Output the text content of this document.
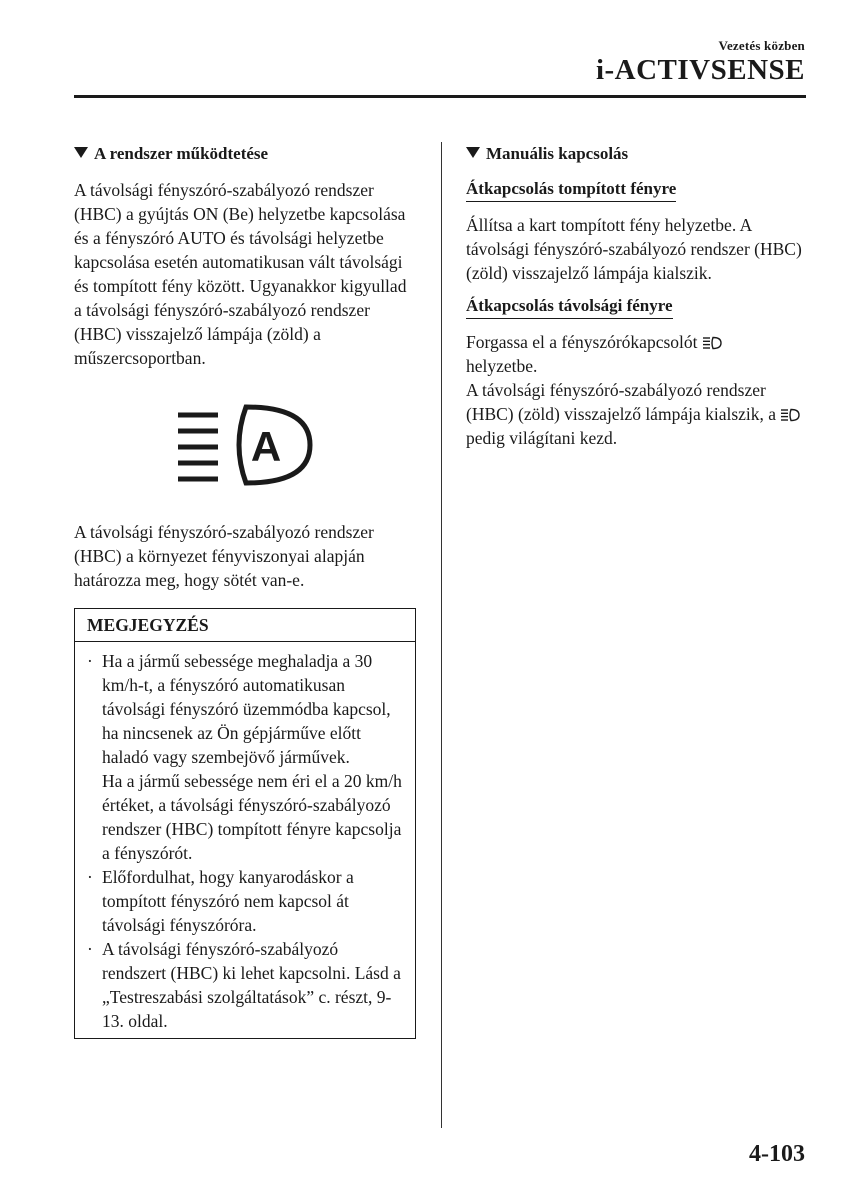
Vezetés közben
i-ACTIVSENSE
A rendszer működtetése

A távolsági fényszóró-szabályozó rendszer (HBC) a gyújtás ON (Be) helyzetbe kapcsolása és a fényszóró AUTO és távolsági helyzetbe kapcsolása esetén automatikusan vált távolsági és tompított fény között. Ugyanakkor kigyullad a távolsági fényszóró-szabályozó rendszer (HBC) visszajelző lámpája (zöld) a műszercsoportban.

A

A távolsági fényszóró-szabályozó rendszer (HBC) a környezet fényviszonyai alapján határozza meg, hogy sötét van-e.

MEGJEGYZÉS
· Ha a jármű sebessége meghaladja a 30 km/h-t, a fényszóró automatikusan távolsági fényszóró üzemmódba kapcsol, ha nincsenek az Ön gépjárműve előtt haladó vagy szembejövő járművek.
Ha a jármű sebessége nem éri el a 20 km/h értéket, a távolsági fényszóró-szabályozó rendszer (HBC) tompított fényre kapcsolja a fényszórót.
· Előfordulhat, hogy kanyarodáskor a tompított fényszóró nem kapcsol át távolsági fényszóróra.
· A távolsági fényszóró-szabályozó rendszert (HBC) ki lehet kapcsolni. Lásd a „Testreszabási szolgáltatások” c. részt, 9-13. oldal.
Manuális kapcsolás
Átkapcsolás tompított fényre

Állítsa a kart tompított fény helyzetbe. A távolsági fényszóró-szabályozó rendszer (HBC) (zöld) visszajelző lámpája kialszik.

Átkapcsolás távolsági fényre

Forgassa el a fényszórókapcsolót
helyzetbe.
A távolsági fényszóró-szabályozó rendszer (HBC) (zöld) visszajelző lámpája kialszik, a  pedig világítani kezd.

4-103
